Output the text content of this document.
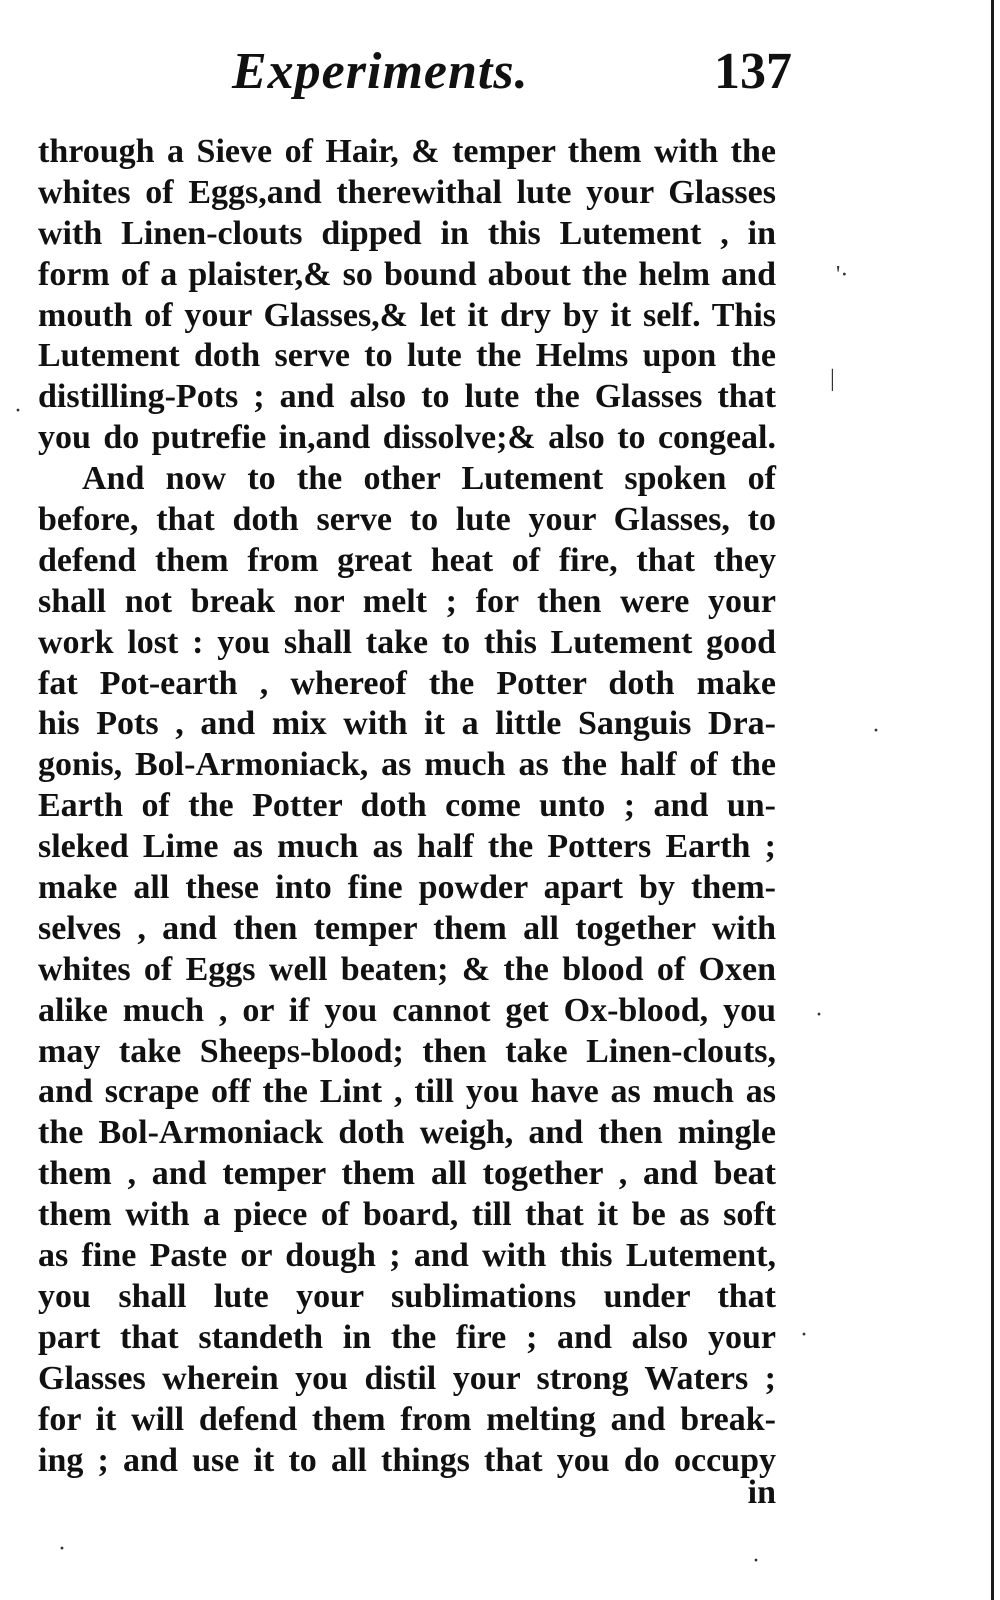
Experiments.	137
through a Sieve of Hair, & temper them with the
whites of Eggs,and therewithal lute your Glasses
with Linen-clouts dipped in this Lutement , in
form of a plaister,& so bound about the helm and
mouth of your Glasses,& let it dry by it self. This
Lutement doth serve to lute the Helms upon the
distilling-Pots ; and also to lute the Glasses that
you do putrefie in,and dissolve;& also to congeal.
And now to the other Lutement spoken of
before, that doth serve to lute your Glasses, to
defend them from great heat of fire, that they
shall not break nor melt ; for then were your
work lost : you shall take to this Lutement good
fat Pot-earth , whereof the Potter doth make
his Pots , and mix with it a little Sanguis Dra-
gonis, Bol-Armoniack, as much as the half of the
Earth of the Potter doth come unto ; and un-
sleked Lime as much as half the Potters Earth ;
make all these into fine powder apart by them-
selves , and then temper them all together with
whites of Eggs well beaten; & the blood of Oxen
alike much , or if you cannot get Ox-blood, you
may take Sheeps-blood; then take Linen-clouts,
and scrape off the Lint , till you have as much as
the Bol-Armoniack doth weigh, and then mingle
them , and temper them all together , and beat
them with a piece of board, till that it be as soft
as fine Paste or dough ; and with this Lutement,
you shall lute your sublimations under that
part that standeth in the fire ; and also your
Glasses wherein you distil your strong Waters ;
for it will defend them from melting and break-
ing ; and use it to all things that you do occupy
in
'·
|
·
·
·
·
·	·
